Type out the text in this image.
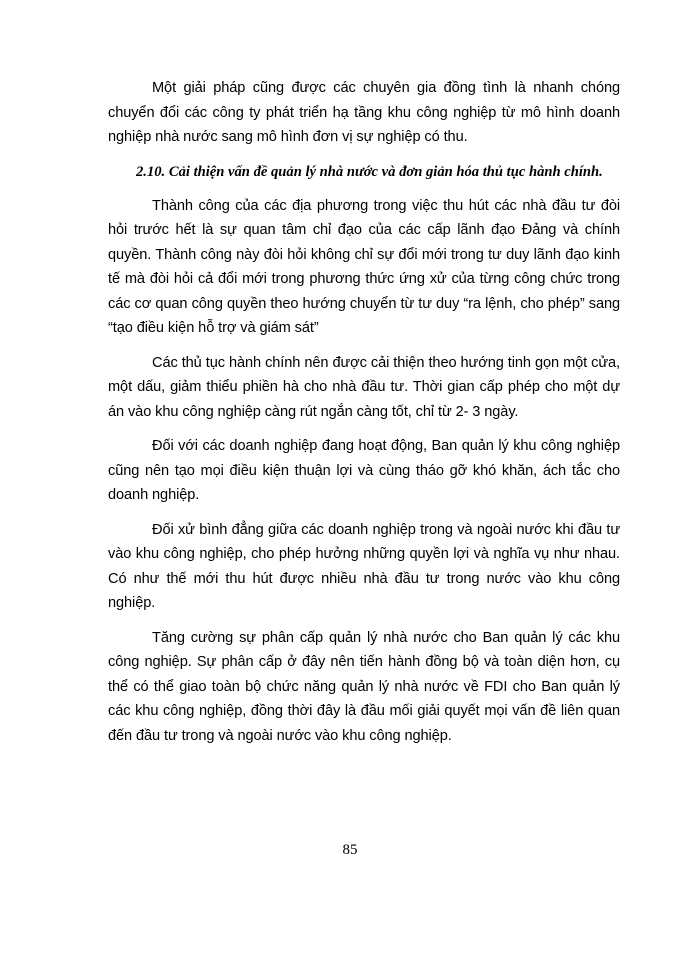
Một giải pháp cũng được các chuyên gia đồng tình là nhanh chóng chuyển đổi các công ty phát triển hạ tầng khu công nghiệp từ mô hình doanh nghiệp nhà nước sang mô hình đơn vị sự nghiệp có thu.

2.10. Cải thiện vấn đề quản lý nhà nước và đơn giản hóa thủ tục hành chính.

Thành công của các địa phương trong việc thu hút các nhà đầu tư đòi hỏi trước hết là sự quan tâm chỉ đạo của các cấp lãnh đạo Đảng và chính quyền. Thành công này đòi hỏi không chỉ sự đổi mới trong tư duy lãnh đạo kinh tế mà đòi hỏi cả đổi mới trong phương thức ứng xử của từng công chức trong các cơ quan công quyền theo hướng chuyển từ tư duy “ra lệnh, cho phép” sang “tạo điều kiện hỗ trợ và giám sát”

Các thủ tục hành chính nên được cải thiện theo hướng tinh gọn một cửa, một dấu, giảm thiểu phiền hà cho nhà đầu tư. Thời gian cấp phép cho một dự án vào khu công nghiệp càng rút ngắn càng tốt, chỉ từ 2- 3 ngày.

Đối với các doanh nghiệp đang hoạt động, Ban quản lý khu công nghiệp cũng nên tạo mọi điều kiện thuận lợi và cùng tháo gỡ khó khăn, ách tắc cho doanh nghiệp.

Đối xử bình đẳng giữa các doanh nghiệp trong và ngoài nước khi đầu tư vào khu công nghiệp, cho phép hưởng những quyền lợi và nghĩa vụ như nhau. Có như thế mới thu hút được nhiều nhà đầu tư trong nước vào khu công nghiệp.

Tăng cường sự phân cấp quản lý nhà nước cho Ban quản lý các khu công nghiệp. Sự phân cấp ở đây nên tiến hành đồng bộ và toàn diện hơn, cụ thể có thể giao toàn bộ chức năng quản lý nhà nước về FDI cho Ban quản lý các khu công nghiệp, đồng thời đây là đầu mối giải quyết mọi vấn đề liên quan đến đầu tư trong và ngoài nước vào khu công nghiệp.

85
